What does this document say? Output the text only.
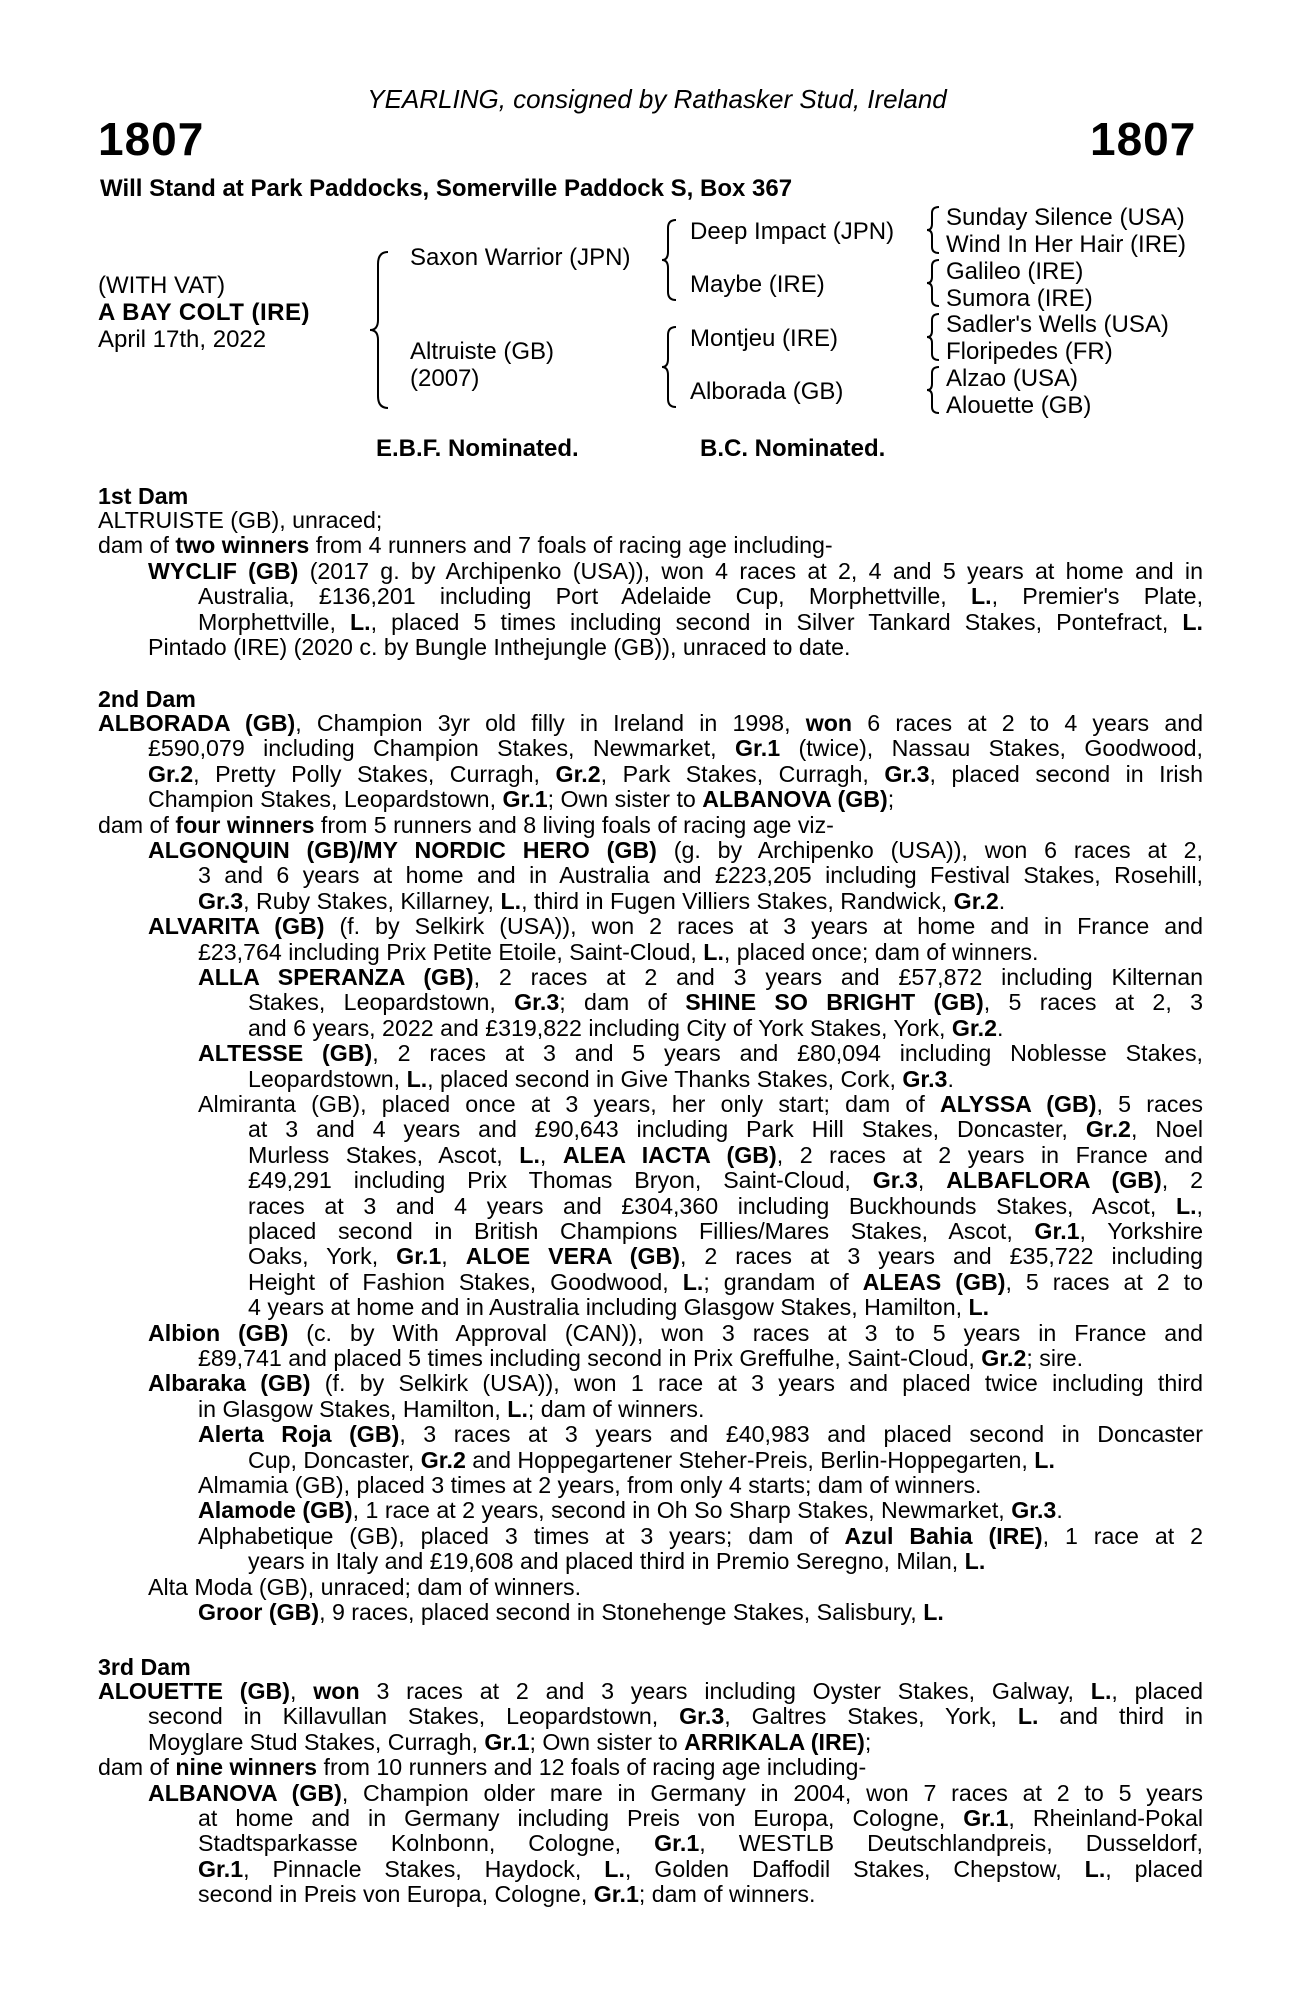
YEARLING, consigned by Rathasker Stud, Ireland
1807	1807
Will Stand at Park Paddocks, Somerville Paddock S, Box 367
(WITH VAT)
A BAY COLT (IRE)
April 17th, 2022
Saxon Warrior (JPN)
Altruiste (GB)
(2007)
Deep Impact (JPN)
Maybe (IRE)
Montjeu (IRE)
Alborada (GB)
Sunday Silence (USA)
Wind In Her Hair (IRE)
Galileo (IRE)
Sumora (IRE)
Sadler's Wells (USA)
Floripedes (FR)
Alzao (USA)
Alouette (GB)
E.B.F. Nominated.	B.C. Nominated.
1st Dam
ALTRUISTE (GB), unraced;
dam of two winners from 4 runners and 7 foals of racing age including-
WYCLIF (GB) (2017 g. by Archipenko (USA)), won 4 races at 2, 4 and 5 years at home and in
Australia, £136,201 including Port Adelaide Cup, Morphettville, L., Premier's Plate,
Morphettville, L., placed 5 times including second in Silver Tankard Stakes, Pontefract, L.
Pintado (IRE) (2020 c. by Bungle Inthejungle (GB)), unraced to date.
2nd Dam
ALBORADA (GB), Champion 3yr old filly in Ireland in 1998, won 6 races at 2 to 4 years and
£590,079 including Champion Stakes, Newmarket, Gr.1 (twice), Nassau Stakes, Goodwood,
Gr.2, Pretty Polly Stakes, Curragh, Gr.2, Park Stakes, Curragh, Gr.3, placed second in Irish
Champion Stakes, Leopardstown, Gr.1; Own sister to ALBANOVA (GB);
dam of four winners from 5 runners and 8 living foals of racing age viz-
ALGONQUIN (GB)/MY NORDIC HERO (GB) (g. by Archipenko (USA)), won 6 races at 2,
3 and 6 years at home and in Australia and £223,205 including Festival Stakes, Rosehill,
Gr.3, Ruby Stakes, Killarney, L., third in Fugen Villiers Stakes, Randwick, Gr.2.
ALVARITA (GB) (f. by Selkirk (USA)), won 2 races at 3 years at home and in France and
£23,764 including Prix Petite Etoile, Saint-Cloud, L., placed once; dam of winners.
ALLA SPERANZA (GB), 2 races at 2 and 3 years and £57,872 including Kilternan
Stakes, Leopardstown, Gr.3; dam of SHINE SO BRIGHT (GB), 5 races at 2, 3
and 6 years, 2022 and £319,822 including City of York Stakes, York, Gr.2.
ALTESSE (GB), 2 races at 3 and 5 years and £80,094 including Noblesse Stakes,
Leopardstown, L., placed second in Give Thanks Stakes, Cork, Gr.3.
Almiranta (GB), placed once at 3 years, her only start; dam of ALYSSA (GB), 5 races
at 3 and 4 years and £90,643 including Park Hill Stakes, Doncaster, Gr.2, Noel
Murless Stakes, Ascot, L., ALEA IACTA (GB), 2 races at 2 years in France and
£49,291 including Prix Thomas Bryon, Saint-Cloud, Gr.3, ALBAFLORA (GB), 2
races at 3 and 4 years and £304,360 including Buckhounds Stakes, Ascot, L.,
placed second in British Champions Fillies/Mares Stakes, Ascot, Gr.1, Yorkshire
Oaks, York, Gr.1, ALOE VERA (GB), 2 races at 3 years and £35,722 including
Height of Fashion Stakes, Goodwood, L.; grandam of ALEAS (GB), 5 races at 2 to
4 years at home and in Australia including Glasgow Stakes, Hamilton, L.
Albion (GB) (c. by With Approval (CAN)), won 3 races at 3 to 5 years in France and
£89,741 and placed 5 times including second in Prix Greffulhe, Saint-Cloud, Gr.2; sire.
Albaraka (GB) (f. by Selkirk (USA)), won 1 race at 3 years and placed twice including third
in Glasgow Stakes, Hamilton, L.; dam of winners.
Alerta Roja (GB), 3 races at 3 years and £40,983 and placed second in Doncaster
Cup, Doncaster, Gr.2 and Hoppegartener Steher-Preis, Berlin-Hoppegarten, L.
Almamia (GB), placed 3 times at 2 years, from only 4 starts; dam of winners.
Alamode (GB), 1 race at 2 years, second in Oh So Sharp Stakes, Newmarket, Gr.3.
Alphabetique (GB), placed 3 times at 3 years; dam of Azul Bahia (IRE), 1 race at 2
years in Italy and £19,608 and placed third in Premio Seregno, Milan, L.
Alta Moda (GB), unraced; dam of winners.
Groor (GB), 9 races, placed second in Stonehenge Stakes, Salisbury, L.
3rd Dam
ALOUETTE (GB), won 3 races at 2 and 3 years including Oyster Stakes, Galway, L., placed
second in Killavullan Stakes, Leopardstown, Gr.3, Galtres Stakes, York, L. and third in
Moyglare Stud Stakes, Curragh, Gr.1; Own sister to ARRIKALA (IRE);
dam of nine winners from 10 runners and 12 foals of racing age including-
ALBANOVA (GB), Champion older mare in Germany in 2004, won 7 races at 2 to 5 years
at home and in Germany including Preis von Europa, Cologne, Gr.1, Rheinland-Pokal
Stadtsparkasse Kolnbonn, Cologne, Gr.1, WESTLB Deutschlandpreis, Dusseldorf,
Gr.1, Pinnacle Stakes, Haydock, L., Golden Daffodil Stakes, Chepstow, L., placed
second in Preis von Europa, Cologne, Gr.1; dam of winners.
